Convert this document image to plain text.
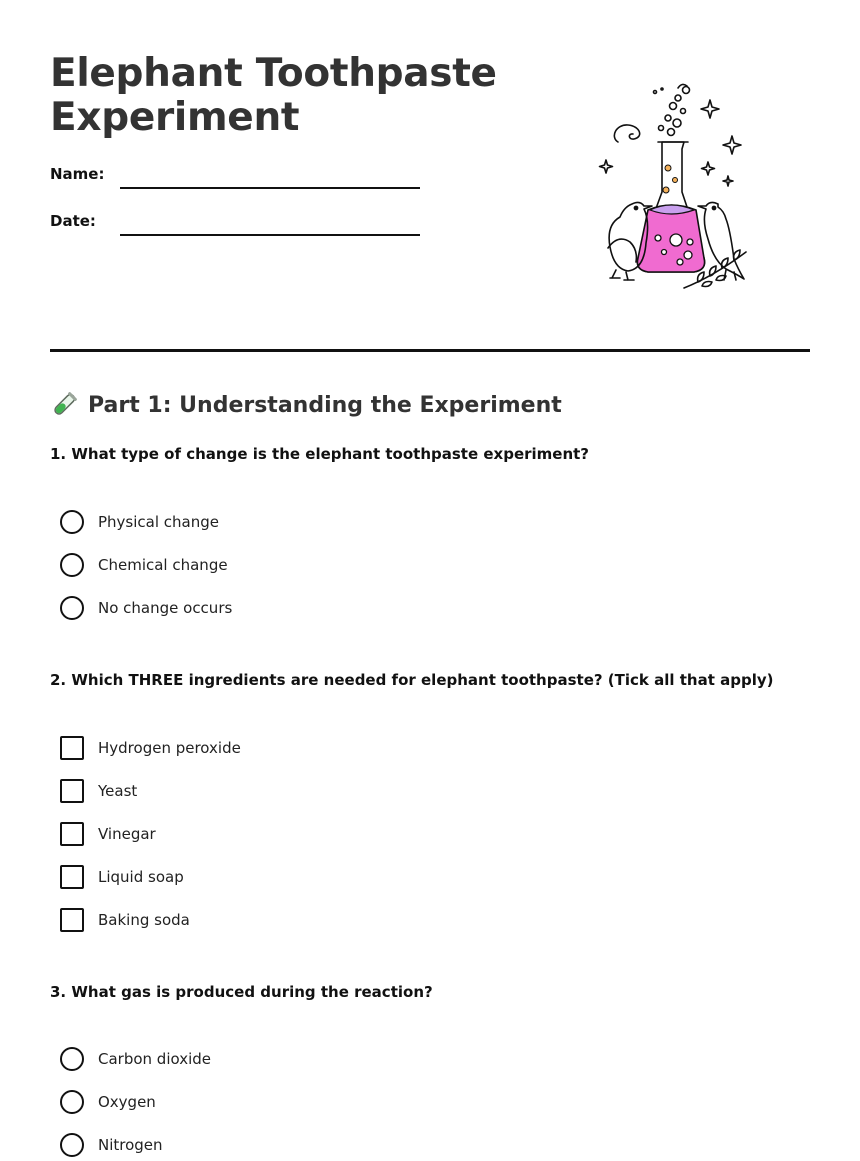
Elephant Toothpaste Experiment
Name:
Date:
Part 1: Understanding the Experiment
1. What type of change is the elephant toothpaste experiment?
Physical change
Chemical change
No change occurs
2. Which THREE ingredients are needed for elephant toothpaste? (Tick all that apply)
Hydrogen peroxide
Yeast
Vinegar
Liquid soap
Baking soda
3. What gas is produced during the reaction?
Carbon dioxide
Oxygen
Nitrogen
